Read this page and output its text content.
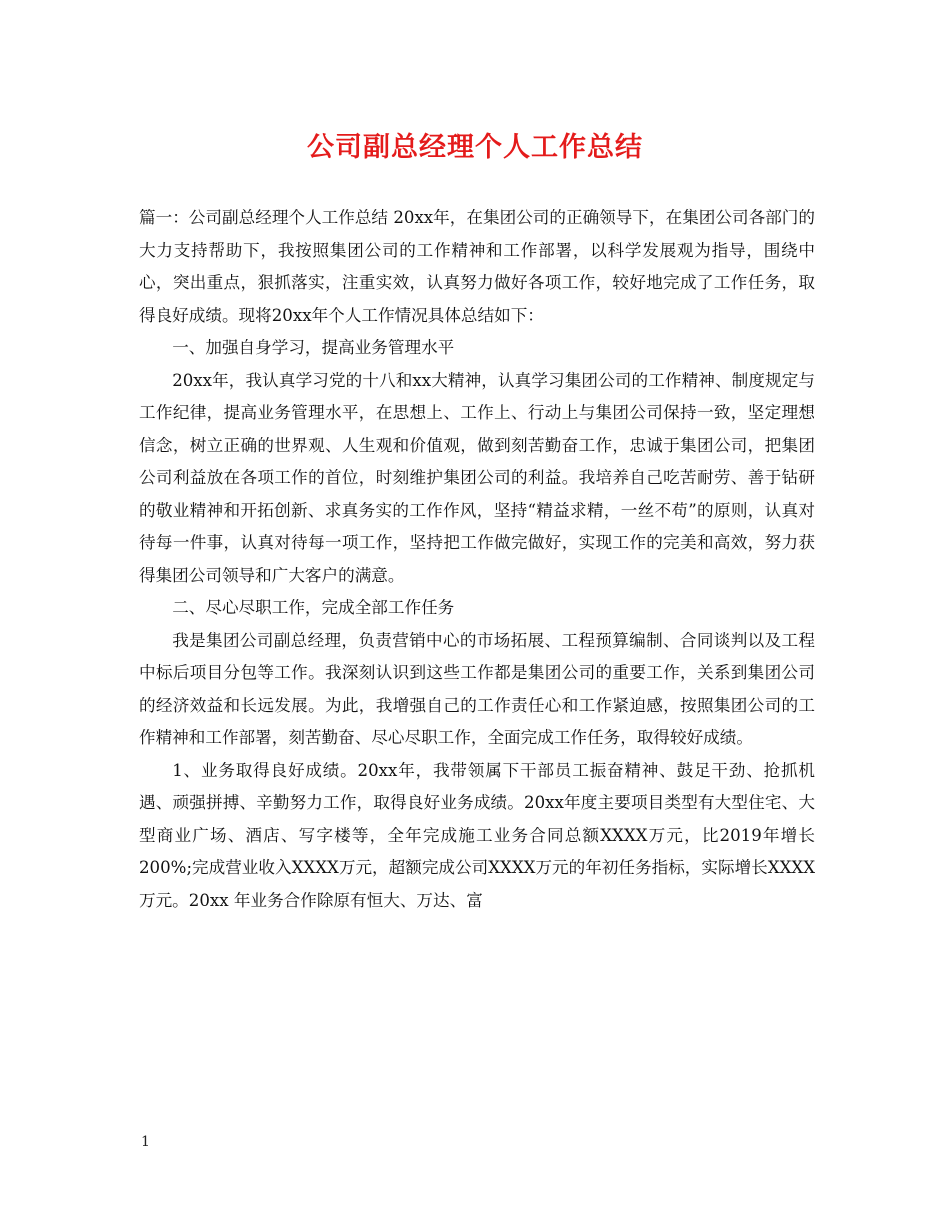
公司副总经理个人工作总结

篇一：公司副总经理个人工作总结 20xx年，在集团公司的正确领导下，在集团公司各部门的大力支持帮助下，我按照集团公司的工作精神和工作部署，以科学发展观为指导，围绕中心，突出重点，狠抓落实，注重实效，认真努力做好各项工作，较好地完成了工作任务，取得良好成绩。现将20xx年个人工作情况具体总结如下：

一、加强自身学习，提高业务管理水平

20xx年，我认真学习党的十八和xx大精神，认真学习集团公司的工作精神、制度规定与工作纪律，提高业务管理水平，在思想上、工作上、行动上与集团公司保持一致，坚定理想信念，树立正确的世界观、人生观和价值观，做到刻苦勤奋工作，忠诚于集团公司，把集团公司利益放在各项工作的首位，时刻维护集团公司的利益。我培养自己吃苦耐劳、善于钻研的敬业精神和开拓创新、求真务实的工作作风，坚持“精益求精，一丝不苟”的原则，认真对待每一件事，认真对待每一项工作，坚持把工作做完做好，实现工作的完美和高效，努力获得集团公司领导和广大客户的满意。

二、尽心尽职工作，完成全部工作任务

我是集团公司副总经理，负责营销中心的市场拓展、工程预算编制、合同谈判以及工程中标后项目分包等工作。我深刻认识到这些工作都是集团公司的重要工作，关系到集团公司的经济效益和长远发展。为此，我增强自己的工作责任心和工作紧迫感，按照集团公司的工作精神和工作部署，刻苦勤奋、尽心尽职工作，全面完成工作任务，取得较好成绩。

1、业务取得良好成绩。20xx年，我带领属下干部员工振奋精神、鼓足干劲、抢抓机遇、顽强拼搏、辛勤努力工作，取得良好业务成绩。20xx年度主要项目类型有大型住宅、大型商业广场、酒店、写字楼等，全年完成施工业务合同总额XXXX万元，比2019年增长200%;完成营业收入XXXX万元，超额完成公司XXXX万元的年初任务指标，实际增长XXXX万元。20xx 年业务合作除原有恒大、万达、富

1
